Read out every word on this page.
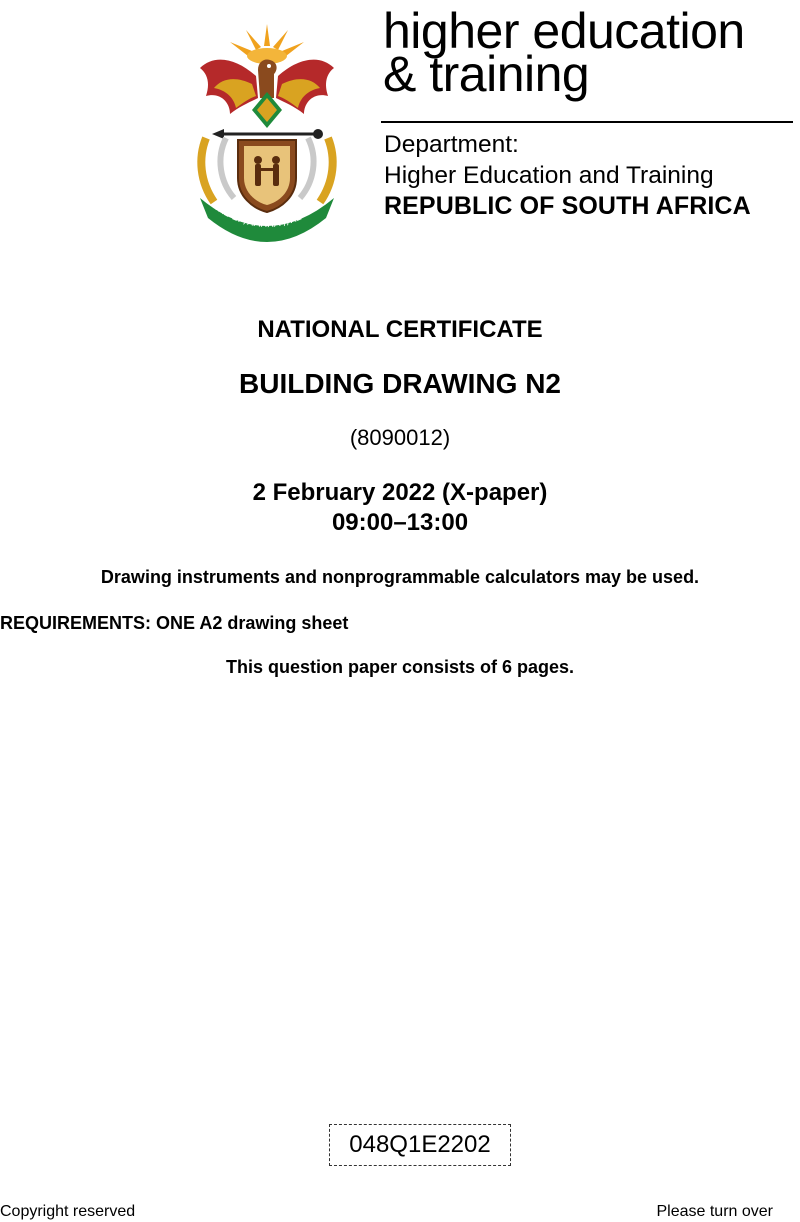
!KE E: /XARRA //KE
higher education
& training
Department:
Higher Education and Training
REPUBLIC OF SOUTH AFRICA
NATIONAL CERTIFICATE
BUILDING DRAWING N2
(8090012)
2 February 2022 (X-paper)
09:00–13:00
Drawing instruments and nonprogrammable calculators may be used.
REQUIREMENTS: ONE A2 drawing sheet
This question paper consists of 6 pages.
048Q1E2202
Copyright reserved	Please turn over
